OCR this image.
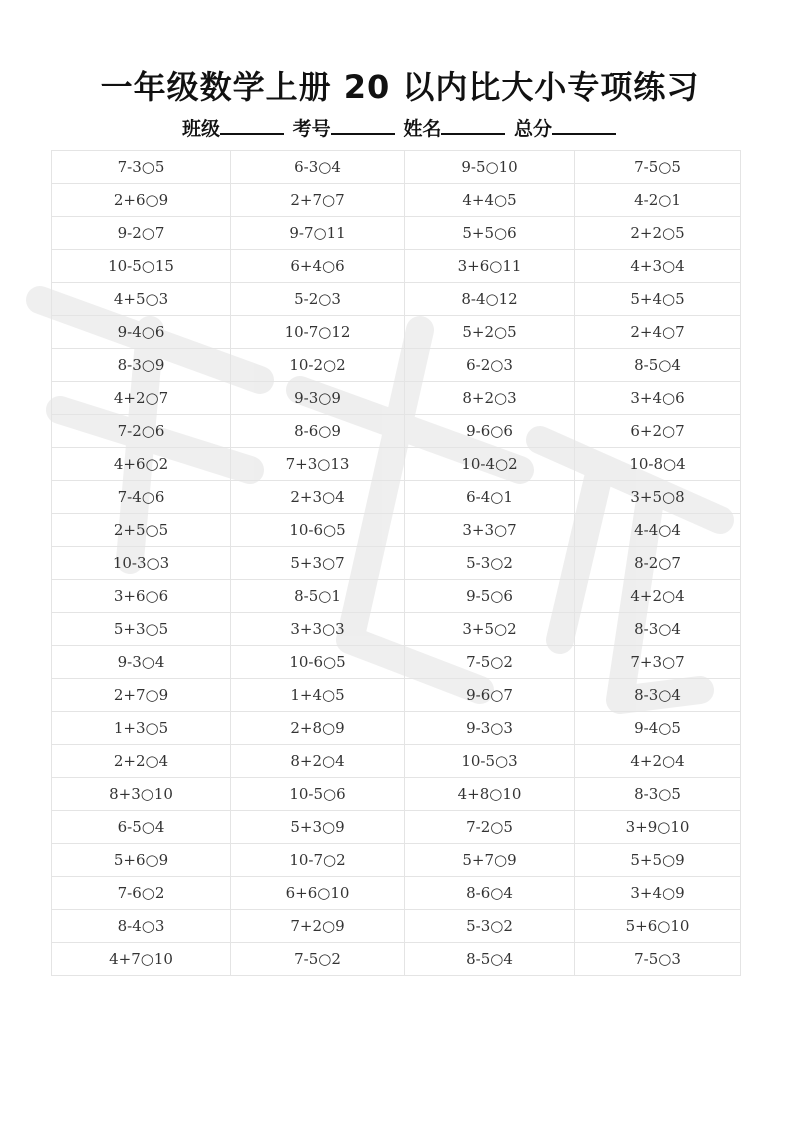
一年级数学上册 20 以内比大小专项练习
班级	考号	姓名	总分
7-3○5	6-3○4	9-5○10	7-5○5
2+6○9	2+7○7	4+4○5	4-2○1
9-2○7	9-7○11	5+5○6	2+2○5
10-5○15	6+4○6	3+6○11	4+3○4
4+5○3	5-2○3	8-4○12	5+4○5
9-4○6	10-7○12	5+2○5	2+4○7
8-3○9	10-2○2	6-2○3	8-5○4
4+2○7	9-3○9	8+2○3	3+4○6
7-2○6	8-6○9	9-6○6	6+2○7
4+6○2	7+3○13	10-4○2	10-8○4
7-4○6	2+3○4	6-4○1	3+5○8
2+5○5	10-6○5	3+3○7	4-4○4
10-3○3	5+3○7	5-3○2	8-2○7
3+6○6	8-5○1	9-5○6	4+2○4
5+3○5	3+3○3	3+5○2	8-3○4
9-3○4	10-6○5	7-5○2	7+3○7
2+7○9	1+4○5	9-6○7	8-3○4
1+3○5	2+8○9	9-3○3	9-4○5
2+2○4	8+2○4	10-5○3	4+2○4
8+3○10	10-5○6	4+8○10	8-3○5
6-5○4	5+3○9	7-2○5	3+9○10
5+6○9	10-7○2	5+7○9	5+5○9
7-6○2	6+6○10	8-6○4	3+4○9
8-4○3	7+2○9	5-3○2	5+6○10
4+7○10	7-5○2	8-5○4	7-5○3
